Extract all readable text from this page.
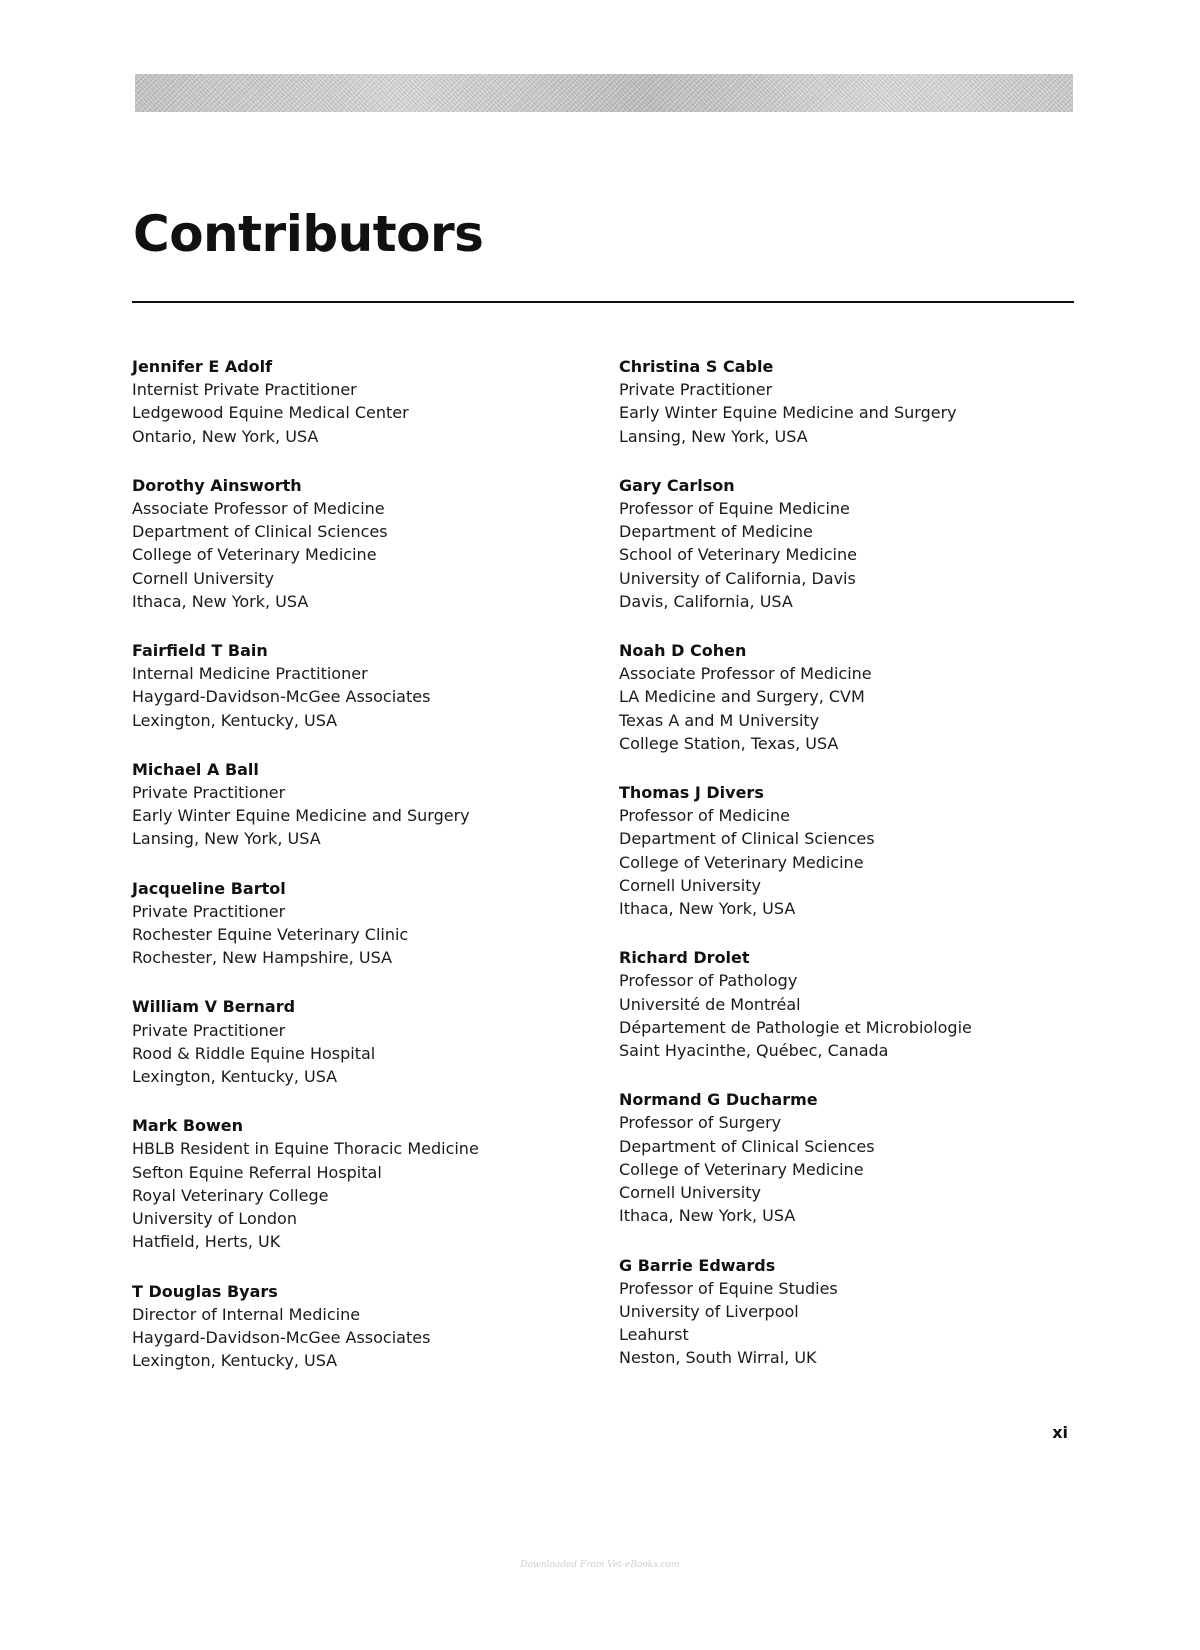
Contributors
Jennifer E Adolf
Internist Private Practitioner
Ledgewood Equine Medical Center
Ontario, New York, USA
Dorothy Ainsworth
Associate Professor of Medicine
Department of Clinical Sciences
College of Veterinary Medicine
Cornell University
Ithaca, New York, USA
Fairfield T Bain
Internal Medicine Practitioner
Haygard-Davidson-McGee Associates
Lexington, Kentucky, USA
Michael A Ball
Private Practitioner
Early Winter Equine Medicine and Surgery
Lansing, New York, USA
Jacqueline Bartol
Private Practitioner
Rochester Equine Veterinary Clinic
Rochester, New Hampshire, USA
William V Bernard
Private Practitioner
Rood & Riddle Equine Hospital
Lexington, Kentucky, USA
Mark Bowen
HBLB Resident in Equine Thoracic Medicine
Sefton Equine Referral Hospital
Royal Veterinary College
University of London
Hatfield, Herts, UK
T Douglas Byars
Director of Internal Medicine
Haygard-Davidson-McGee Associates
Lexington, Kentucky, USA
Christina S Cable
Private Practitioner
Early Winter Equine Medicine and Surgery
Lansing, New York, USA
Gary Carlson
Professor of Equine Medicine
Department of Medicine
School of Veterinary Medicine
University of California, Davis
Davis, California, USA
Noah D Cohen
Associate Professor of Medicine
LA Medicine and Surgery, CVM
Texas A and M University
College Station, Texas, USA
Thomas J Divers
Professor of Medicine
Department of Clinical Sciences
College of Veterinary Medicine
Cornell University
Ithaca, New York, USA
Richard Drolet
Professor of Pathology
Université de Montréal
Département de Pathologie et Microbiologie
Saint Hyacinthe, Québec, Canada
Normand G Ducharme
Professor of Surgery
Department of Clinical Sciences
College of Veterinary Medicine
Cornell University
Ithaca, New York, USA
G Barrie Edwards
Professor of Equine Studies
University of Liverpool
Leahurst
Neston, South Wirral, UK
xi
Downloaded From Vet-eBooks.com
